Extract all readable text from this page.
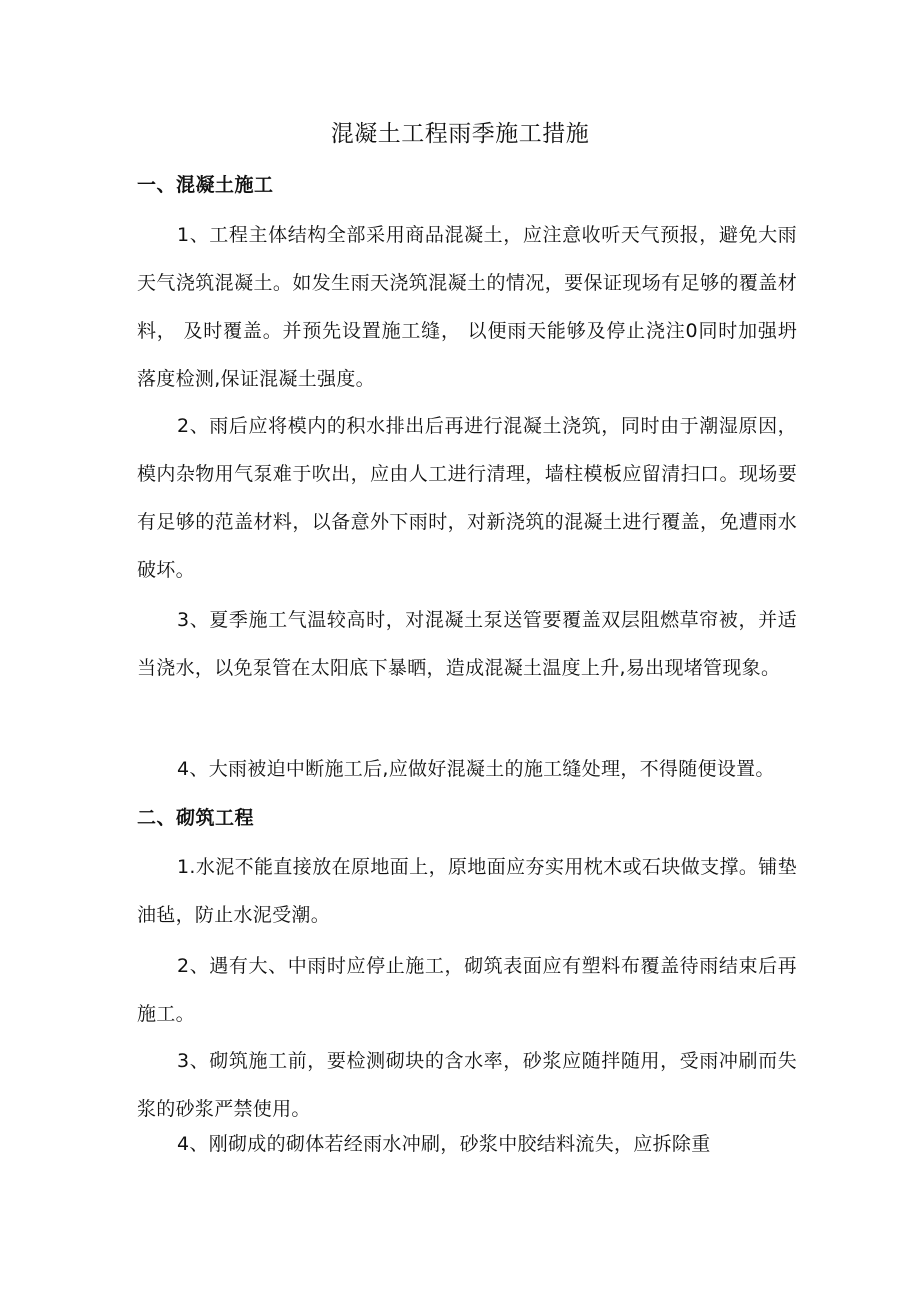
混凝土工程雨季施工措施
一、混凝土施工
1、工程主体结构全部采用商品混凝土，应注意收听天气预报，避免大雨天气浇筑混凝土。如发生雨天浇筑混凝土的情况，要保证现场有足够的覆盖材料， 及时覆盖。并预先设置施工缝， 以便雨天能够及停止浇注0同时加强坍落度检测,保证混凝土强度。
2、雨后应将模内的积水排出后再进行混凝土浇筑，同时由于潮湿原因，模内杂物用气泵难于吹出，应由人工进行清理，墙柱模板应留清扫口。现场要有足够的范盖材料，以备意外下雨时，对新浇筑的混凝土进行覆盖，免遭雨水破坏。
3、夏季施工气温较高时，对混凝土泵送管要覆盖双层阻燃草帘被，并适当浇水，以免泵管在太阳底下暴晒，造成混凝土温度上升,易出现堵管现象。
4、大雨被迫中断施工后,应做好混凝土的施工缝处理，不得随便设置。
二、砌筑工程
1.水泥不能直接放在原地面上，原地面应夯实用枕木或石块做支撑。铺垫油毡，防止水泥受潮。
2、遇有大、中雨时应停止施工，砌筑表面应有塑料布覆盖待雨结束后再施工。
3、砌筑施工前，要检测砌块的含水率，砂浆应随拌随用，受雨冲刷而失浆的砂浆严禁使用。
4、刚砌成的砌体若经雨水冲刷，砂浆中胶结料流失，应拆除重
